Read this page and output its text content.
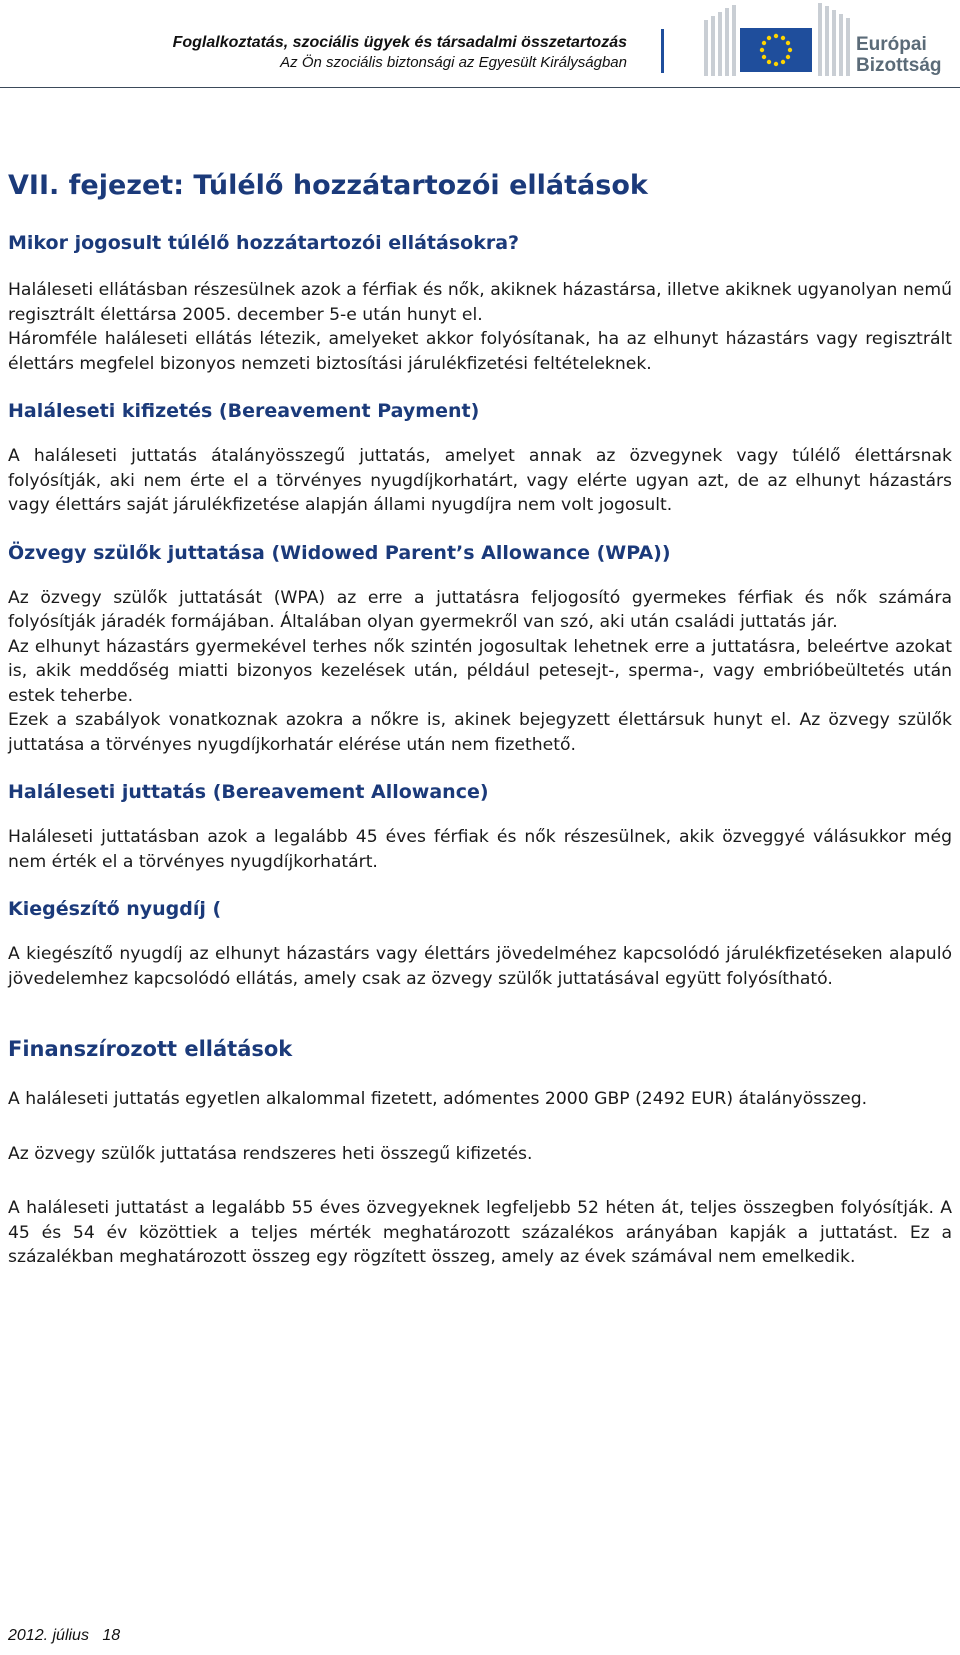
Foglalkoztatás, szociális ügyek és társadalmi összetartozás
Az Ön szociális biztonsági az Egyesült Királyságban
Európai
Bizottság
VII. fejezet: Túlélő hozzátartozói ellátások
Mikor jogosult túlélő hozzátartozói ellátásokra?

Haláleseti ellátásban részesülnek azok a férfiak és nők, akiknek házastársa, illetve akiknek ugyanolyan nemű regisztrált élettársa 2005. december 5-e után hunyt el.

Háromféle haláleseti ellátás létezik, amelyeket akkor folyósítanak, ha az elhunyt házastárs vagy regisztrált élettárs megfelel bizonyos nemzeti biztosítási járulékfizetési feltételeknek.

Haláleseti kifizetés (Bereavement Payment)

A haláleseti juttatás átalányösszegű juttatás, amelyet annak az özvegynek vagy túlélő élettársnak folyósítják, aki nem érte el a törvényes nyugdíjkorhatárt, vagy elérte ugyan azt, de az elhunyt házastárs vagy élettárs saját járulékfizetése alapján állami nyugdíjra nem volt jogosult.

Özvegy szülők juttatása (Widowed Parent’s Allowance (WPA))

Az özvegy szülők juttatását (WPA) az erre a juttatásra feljogosító gyermekes férfiak és nők számára folyósítják járadék formájában. Általában olyan gyermekről van szó, aki után családi juttatás jár.

Az elhunyt házastárs gyermekével terhes nők szintén jogosultak lehetnek erre a juttatásra, beleértve azokat is, akik meddőség miatti bizonyos kezelések után, például petesejt-, sperma-, vagy embrióbeültetés után estek teherbe.

Ezek a szabályok vonatkoznak azokra a nőkre is, akinek bejegyzett élettársuk hunyt el. Az özvegy szülők juttatása a törvényes nyugdíjkorhatár elérése után nem fizethető.

Haláleseti juttatás (Bereavement Allowance)

Haláleseti juttatásban azok a legalább 45 éves férfiak és nők részesülnek, akik özveggyé válásukkor még nem érték el a törvényes nyugdíjkorhatárt.

Kiegészítő nyugdíj (

A kiegészítő nyugdíj az elhunyt házastárs vagy élettárs jövedelméhez kapcsolódó járulékfizetéseken alapuló jövedelemhez kapcsolódó ellátás, amely csak az özvegy szülők juttatásával együtt folyósítható.

Finanszírozott ellátások

A haláleseti juttatás egyetlen alkalommal fizetett, adómentes 2000 GBP (2492 EUR) átalányösszeg.

Az özvegy szülők juttatása rendszeres heti összegű kifizetés.

A haláleseti juttatást a legalább 55 éves özvegyeknek legfeljebb 52 héten át, teljes összegben folyósítják. A 45 és 54 év közöttiek a teljes mérték meghatározott százalékos arányában kapják a juttatást. Ez a százalékban meghatározott összeg egy rögzített összeg, amely az évek számával nem emelkedik.

2012. július 18
